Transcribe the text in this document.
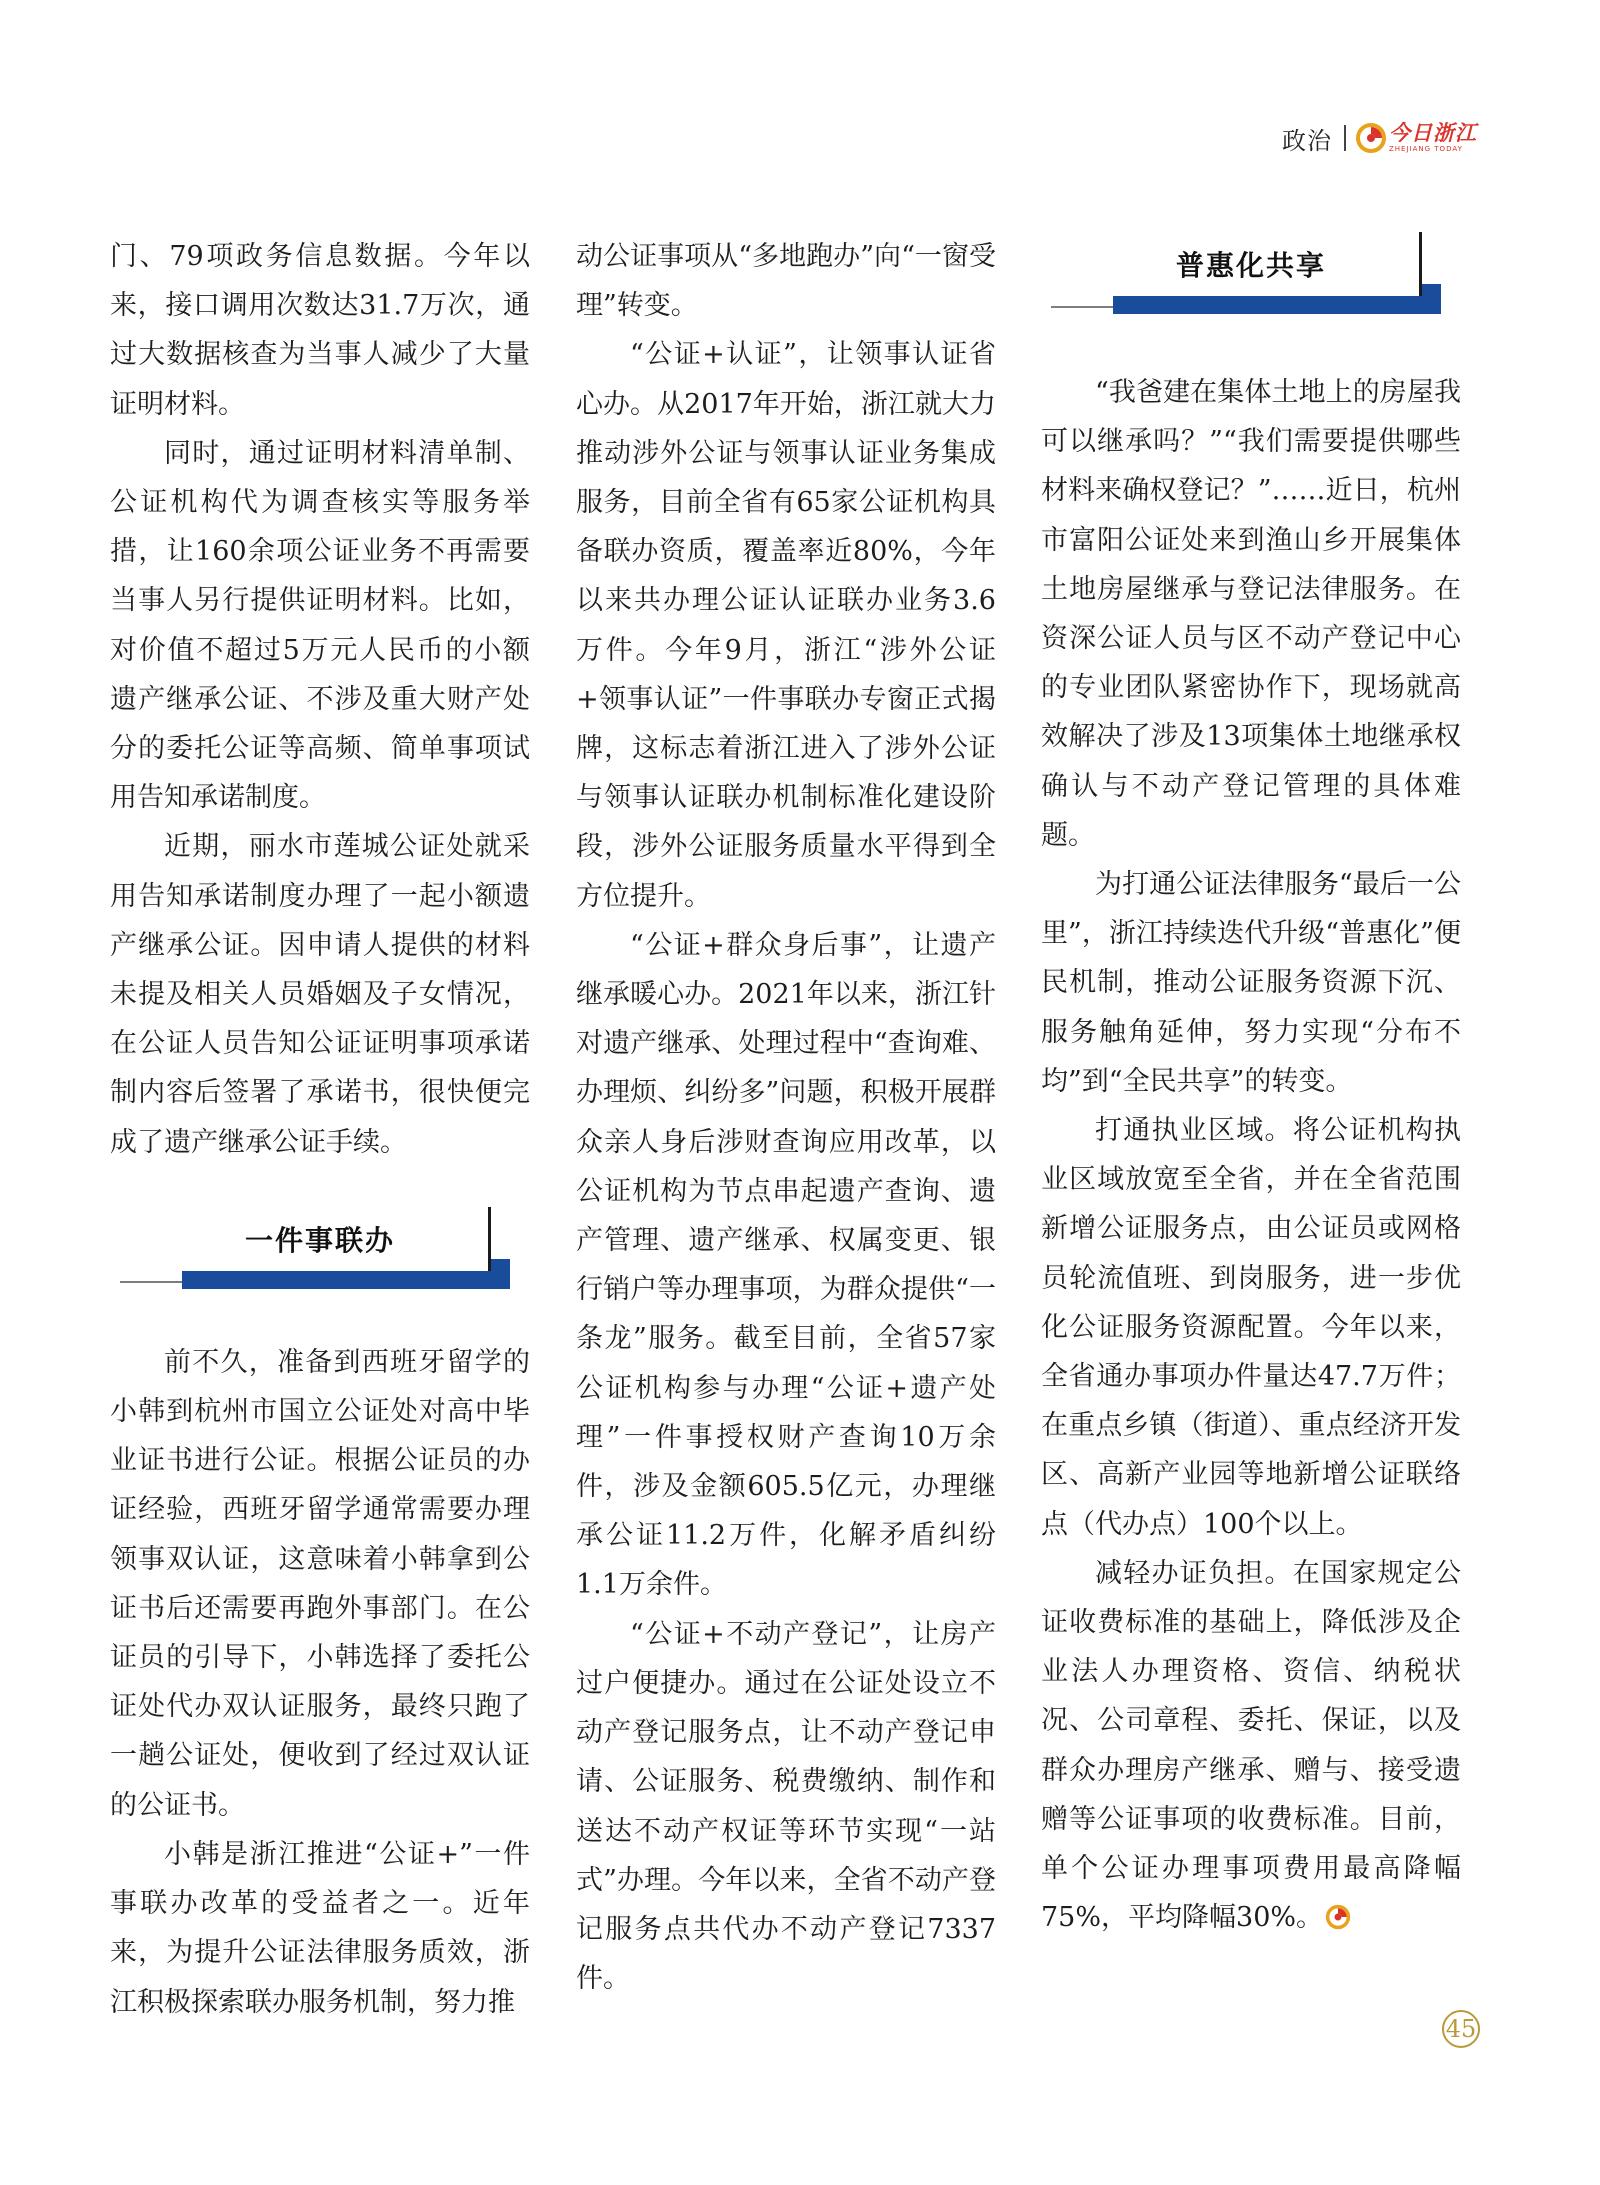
政治	今日浙江
ZHEJIANG TODAY

门、79项政务信息数据。今年以来，接口调用次数达31.7万次，通过大数据核查为当事人减少了大量证明材料。

同时，通过证明材料清单制、公证机构代为调查核实等服务举措，让160余项公证业务不再需要当事人另行提供证明材料。比如，对价值不超过5万元人民币的小额遗产继承公证、不涉及重大财产处分的委托公证等高频、简单事项试用告知承诺制度。

近期，丽水市莲城公证处就采用告知承诺制度办理了一起小额遗产继承公证。因申请人提供的材料未提及相关人员婚姻及子女情况，在公证人员告知公证证明事项承诺制内容后签署了承诺书，很快便完成了遗产继承公证手续。

一件事联办

前不久，准备到西班牙留学的小韩到杭州市国立公证处对高中毕业证书进行公证。根据公证员的办证经验，西班牙留学通常需要办理领事双认证，这意味着小韩拿到公证书后还需要再跑外事部门。在公证员的引导下，小韩选择了委托公证处代办双认证服务，最终只跑了一趟公证处，便收到了经过双认证的公证书。

小韩是浙江推进“公证+”一件事联办改革的受益者之一。近年来，为提升公证法律服务质效，浙江积极探索联办服务机制，努力推

动公证事项从“多地跑办”向“一窗受理”转变。

“公证+认证”，让领事认证省心办。从2017年开始，浙江就大力推动涉外公证与领事认证业务集成服务，目前全省有65家公证机构具备联办资质，覆盖率近80%，今年以来共办理公证认证联办业务3.6万件。今年9月，浙江“涉外公证+领事认证”一件事联办专窗正式揭牌，这标志着浙江进入了涉外公证与领事认证联办机制标准化建设阶段，涉外公证服务质量水平得到全方位提升。

“公证+群众身后事”，让遗产继承暖心办。2021年以来，浙江针对遗产继承、处理过程中“查询难、办理烦、纠纷多”问题，积极开展群众亲人身后涉财查询应用改革，以公证机构为节点串起遗产查询、遗产管理、遗产继承、权属变更、银行销户等办理事项，为群众提供“一条龙”服务。截至目前，全省57家公证机构参与办理“公证+遗产处理”一件事授权财产查询10万余件，涉及金额605.5亿元，办理继承公证11.2万件，化解矛盾纠纷1.1万余件。

“公证+不动产登记”，让房产过户便捷办。通过在公证处设立不动产登记服务点，让不动产登记申请、公证服务、税费缴纳、制作和送达不动产权证等环节实现“一站式”办理。今年以来，全省不动产登记服务点共代办不动产登记7337件。

普惠化共享

“我爸建在集体土地上的房屋我可以继承吗？”“我们需要提供哪些材料来确权登记？”……近日，杭州市富阳公证处来到渔山乡开展集体土地房屋继承与登记法律服务。在资深公证人员与区不动产登记中心的专业团队紧密协作下，现场就高效解决了涉及13项集体土地继承权确认与不动产登记管理的具体难题。

为打通公证法律服务“最后一公里”，浙江持续迭代升级“普惠化”便民机制，推动公证服务资源下沉、服务触角延伸，努力实现“分布不均”到“全民共享”的转变。

打通执业区域。将公证机构执业区域放宽至全省，并在全省范围新增公证服务点，由公证员或网格员轮流值班、到岗服务，进一步优化公证服务资源配置。今年以来，全省通办事项办件量达47.7万件；在重点乡镇（街道）、重点经济开发区、高新产业园等地新增公证联络点（代办点）100个以上。

减轻办证负担。在国家规定公证收费标准的基础上，降低涉及企业法人办理资格、资信、纳税状况、公司章程、委托、保证，以及群众办理房产继承、赠与、接受遗赠等公证事项的收费标准。目前，单个公证办理事项费用最高降幅75%，平均降幅30%。

45
